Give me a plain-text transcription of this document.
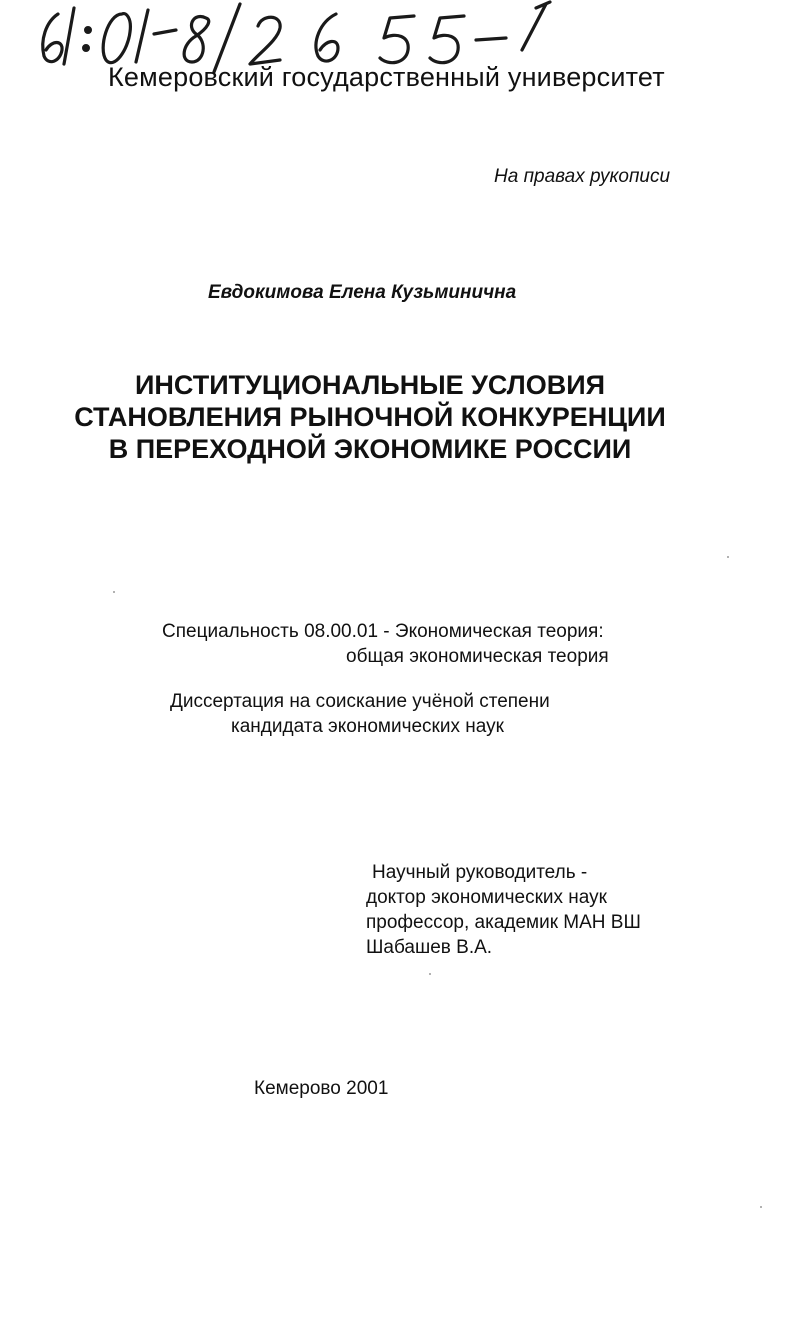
Кемеровский государственный университет
На правах рукописи
Евдокимова Елена Кузьминична
ИНСТИТУЦИОНАЛЬНЫЕ УСЛОВИЯ
СТАНОВЛЕНИЯ РЫНОЧНОЙ КОНКУРЕНЦИИ
В ПЕРЕХОДНОЙ ЭКОНОМИКЕ РОССИИ
Специальность 08.00.01 - Экономическая теория:
общая экономическая теория
Диссертация на соискание учёной степени
кандидата экономических наук
Научный руководитель -
доктор экономических наук
профессор, академик МАН ВШ
Шабашев В.А.
Кемерово 2001
